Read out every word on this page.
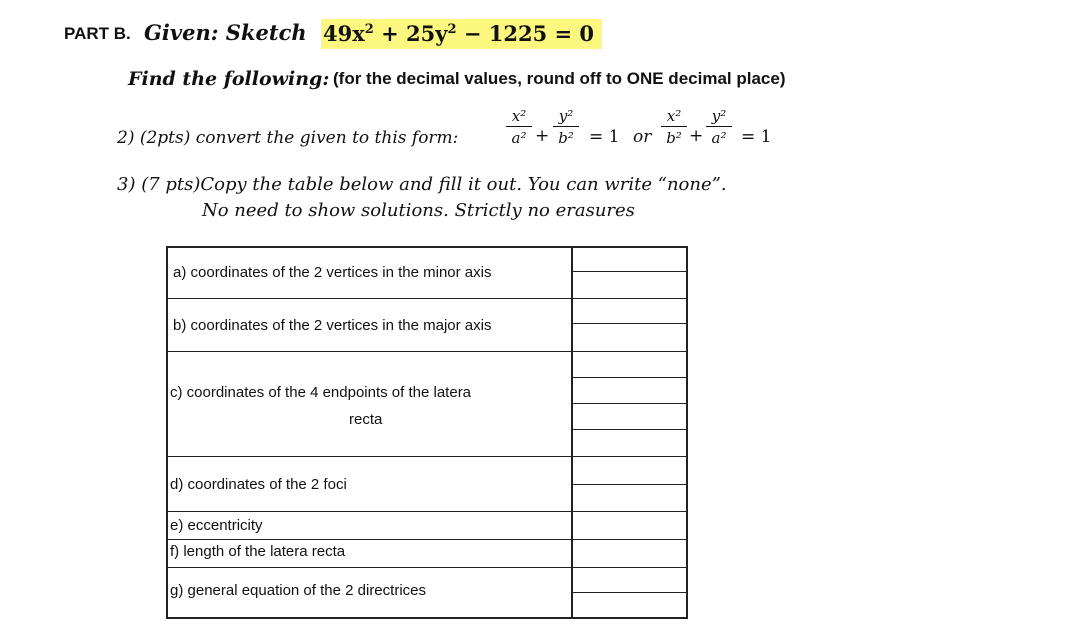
PART B. Given: Sketch $49x^2 + 25y^2 - 1225 = 0$
Find the following: (for the decimal values, round off to ONE decimal place)
2) (2pts) convert the given to this form:
x²
a² +
y²
b² = 1 or
x²
b² +
y²
a² = 1
3) (7 pts)Copy the table below and fill it out. You can write “none”.
No need to show solutions. Strictly no erasures
a) coordinates of the 2 vertices in the minor axis
b) coordinates of the 2 vertices in the major axis
c) coordinates of the 4 endpoints of the latera
recta
d) coordinates of the 2 foci
e) eccentricity
f) length of the latera recta
g) general equation of the 2 directrices
